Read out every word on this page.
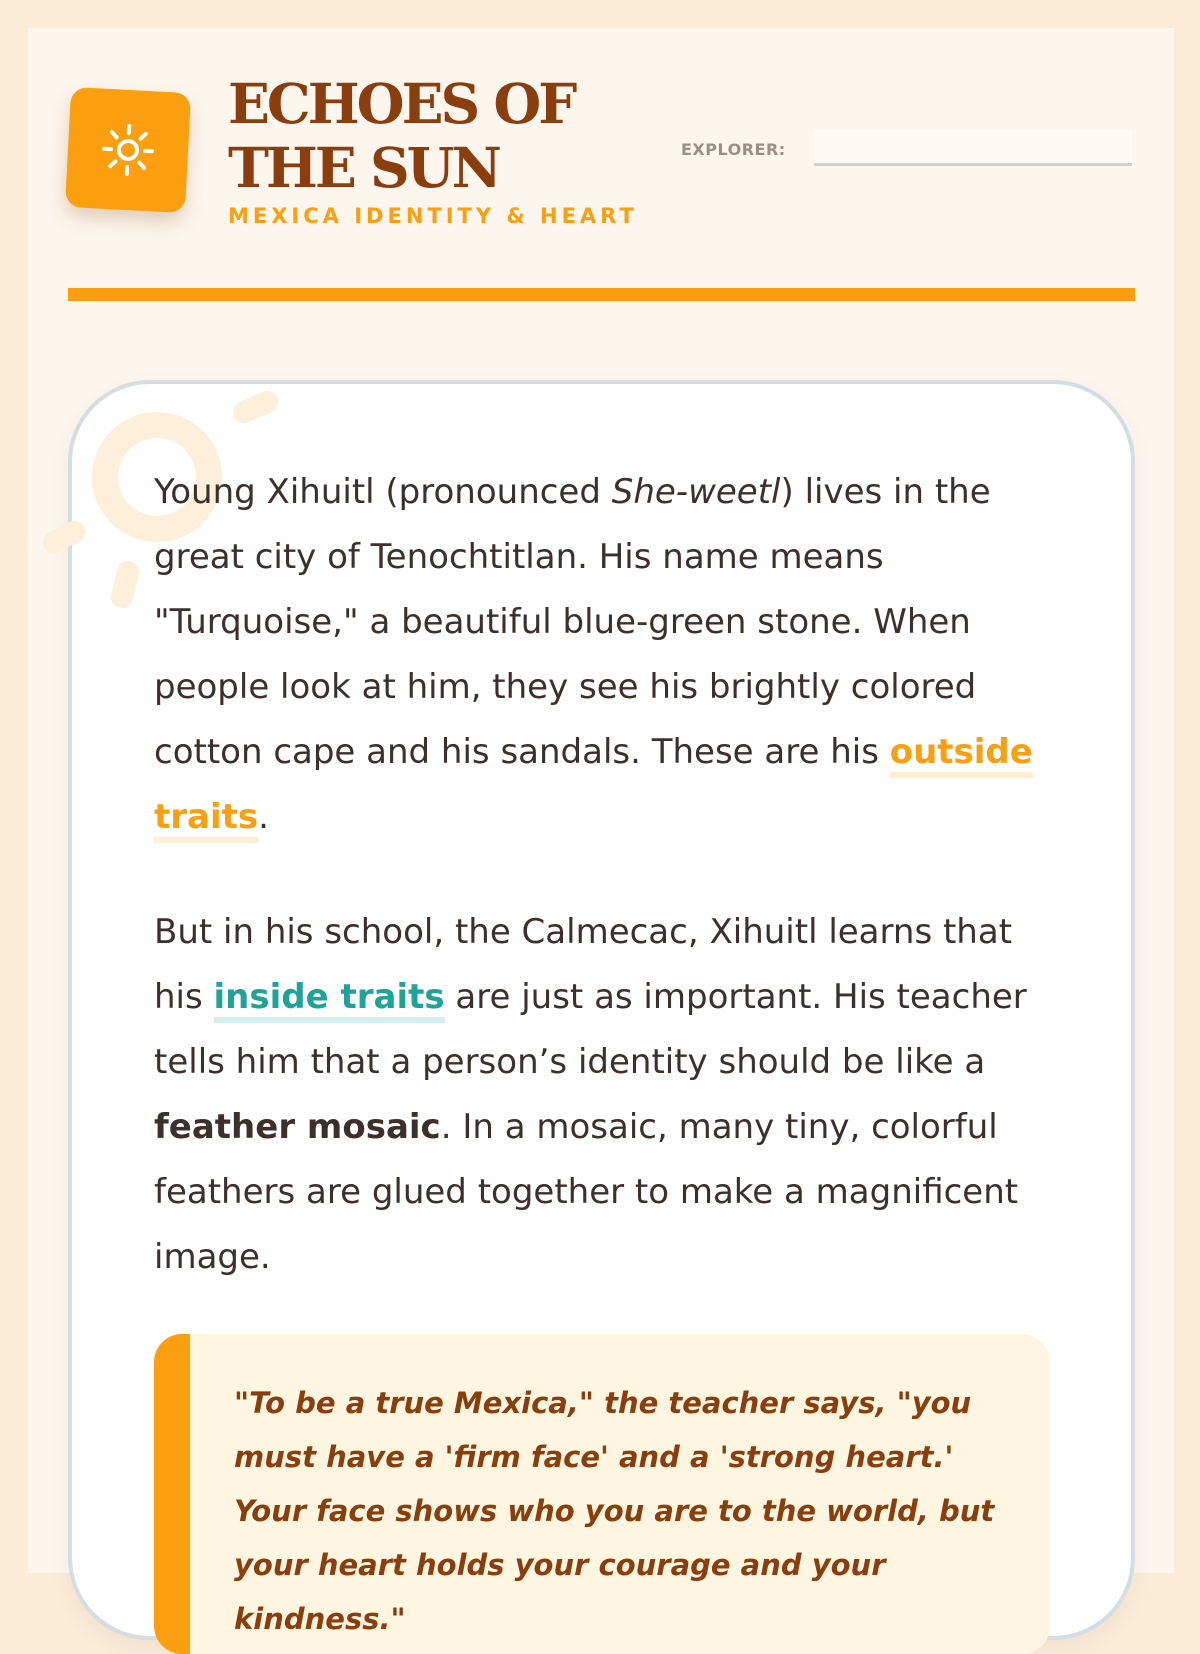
ECHOES OF THE SUN
MEXICA IDENTITY & HEART
EXPLORER:

Young Xihuitl (pronounced She-weetl) lives in the great city of Tenochtitlan. His name means "Turquoise," a beautiful blue-green stone. When people look at him, they see his brightly colored cotton cape and his sandals. These are his outside traits.

But in his school, the Calmecac, Xihuitl learns that his inside traits are just as important. His teacher tells him that a person’s identity should be like a feather mosaic. In a mosaic, many tiny, colorful feathers are glued together to make a magnificent image.

"To be a true Mexica," the teacher says, "you must have a 'firm face' and a 'strong heart.' Your face shows who you are to the world, but your heart holds your courage and your kindness."
